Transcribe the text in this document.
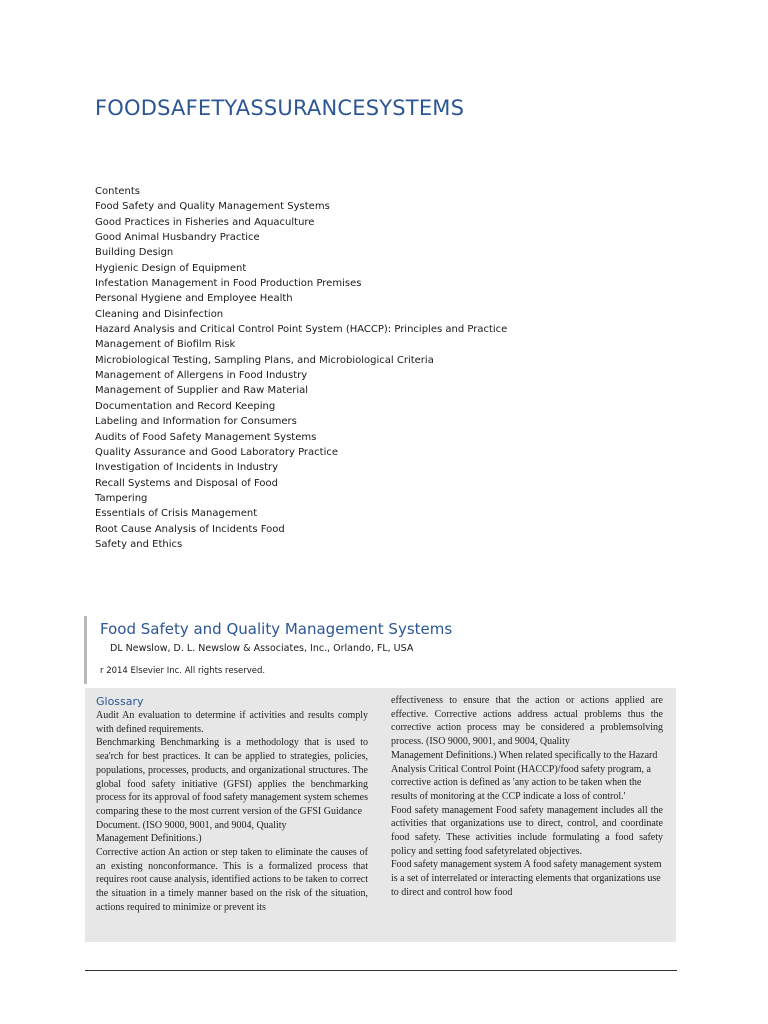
FOODSAFETYASSURANCESYSTEMS
Contents
Food Safety and Quality Management Systems
Good Practices in Fisheries and Aquaculture
Good Animal Husbandry Practice
Building Design
Hygienic Design of Equipment
Infestation Management in Food Production Premises
Personal Hygiene and Employee Health
Cleaning and Disinfection
Hazard Analysis and Critical Control Point System (HACCP): Principles and Practice
Management of Biofilm Risk
Microbiological Testing, Sampling Plans, and Microbiological Criteria
Management of Allergens in Food Industry
Management of Supplier and Raw Material
Documentation and Record Keeping
Labeling and Information for Consumers
Audits of Food Safety Management Systems
Quality Assurance and Good Laboratory Practice
Investigation of Incidents in Industry
Recall Systems and Disposal of Food
Tampering
Essentials of Crisis Management
Root Cause Analysis of Incidents Food
Safety and Ethics
Food Safety and Quality Management Systems
DL Newslow, D. L. Newslow & Associates, Inc., Orlando, FL, USA
r 2014 Elsevier Inc. All rights reserved.
Glossary

Audit An evaluation to determine if activities and results comply with defined requirements.

Benchmarking Benchmarking is a methodology that is used to sea'rch for best practices. It can be applied to strategies, policies, populations, processes, products, and organizational structures. The global food safety initiative (GFSI) applies the benchmarking process for its approval of food safety management system schemes comparing these to the most current version of the GFSI Guidance

Document. (ISO 9000, 9001, and 9004, Quality

Management Definitions.)

Corrective action An action or step taken to eliminate the causes of an existing nonconformance. This is a formalized process that requires root cause analysis, identified actions to be taken to correct the situation in a timely manner based on the risk of the situation, actions required to minimize or prevent its

effectiveness to ensure that the action or actions applied are effective. Corrective actions address actual problems thus the corrective action process may be considered a problemsolving process. (ISO 9000, 9001, and 9004, Quality

Management Definitions.) When related specifically to the Hazard Analysis Critical Control Point (HACCP)/food safety program, a corrective action is defined as 'any action to be taken when the results of monitoring at the CCP indicate a loss of control.'

Food safety management Food safety management includes all the activities that organizations use to direct, control, and coordinate food safety. These activities include formulating a food safety policy and setting food safetyrelated objectives.

Food safety management system A food safety management system is a set of interrelated or interacting elements that organizations use to direct and control how food
